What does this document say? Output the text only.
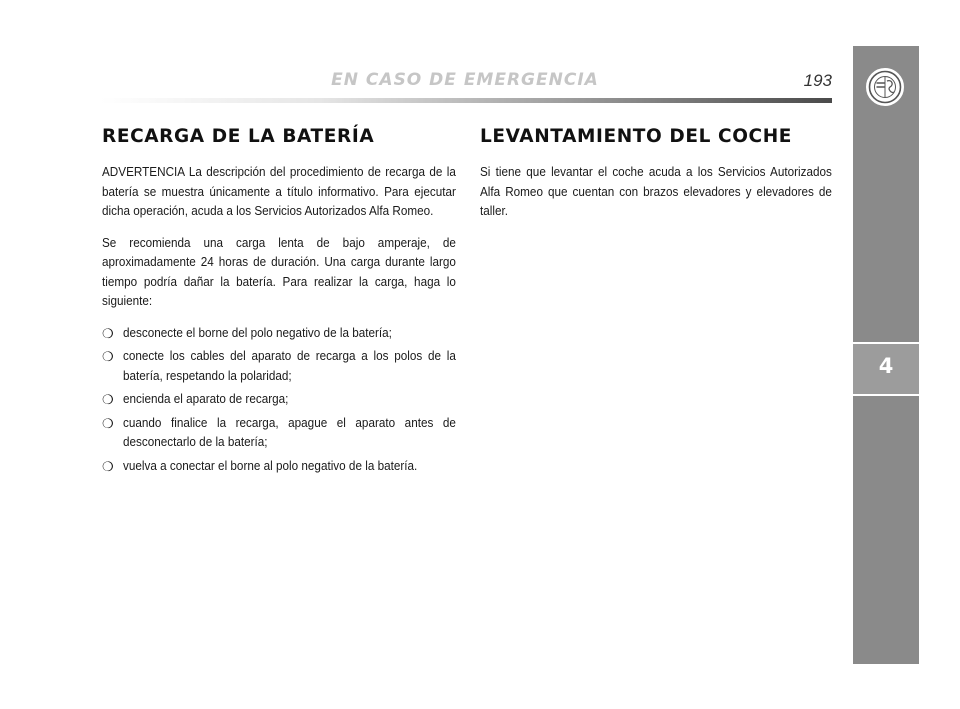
EN CASO DE EMERGENCIA	193
4
RECARGA DE LA BATERÍA

ADVERTENCIA La descripción del procedimiento de recarga de la batería se muestra únicamente a título informativo. Para ejecutar dicha operación, acuda a los Servicios Autorizados Alfa Romeo.

Se recomienda una carga lenta de bajo amperaje, de aproximadamente 24 horas de duración. Una carga durante largo tiempo podría dañar la batería. Para realizar la carga, haga lo siguiente:

❍ desconecte el borne del polo negativo de la batería;
❍ conecte los cables del aparato de recarga a los polos de la batería, respetando la polaridad;
❍ encienda el aparato de recarga;
❍ cuando finalice la recarga, apague el aparato antes de desconectarlo de la batería;
❍ vuelva a conectar el borne al polo negativo de la batería.
LEVANTAMIENTO DEL COCHE

Si tiene que levantar el coche acuda a los Servicios Autorizados Alfa Romeo que cuentan con brazos elevadores y elevadores de taller.
